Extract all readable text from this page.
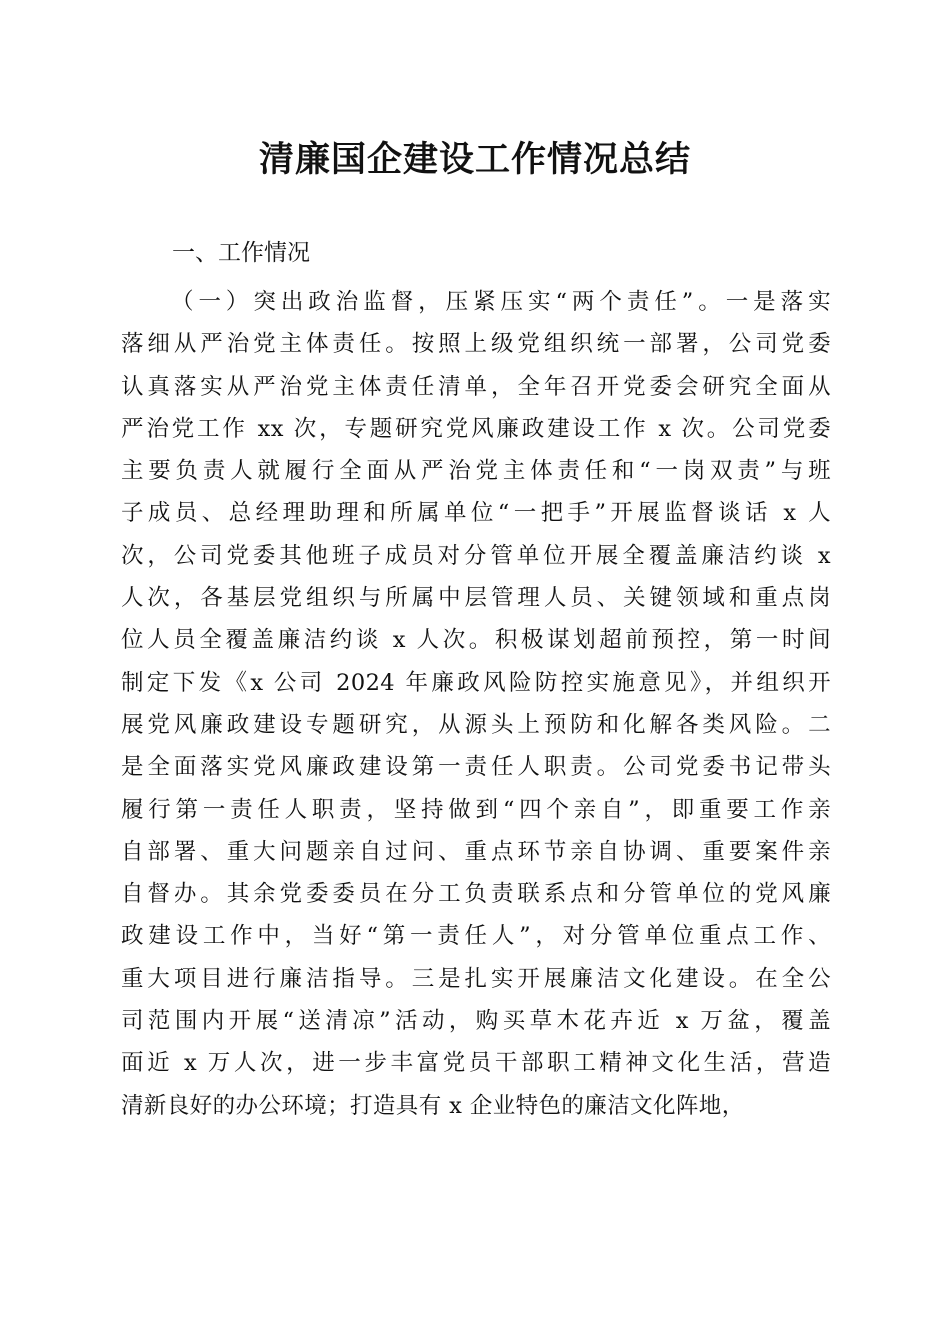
清廉国企建设工作情况总结
一、工作情况
（一）突出政治监督，压紧压实“两个责任”。一是落实
落细从严治党主体责任。按照上级党组织统一部署，公司党委
认真落实从严治党主体责任清单，全年召开党委会研究全面从
严治党工作 xx 次，专题研究党风廉政建设工作 x 次。公司党委
主要负责人就履行全面从严治党主体责任和“一岗双责”与班
子成员、总经理助理和所属单位“一把手”开展监督谈话 x 人
次，公司党委其他班子成员对分管单位开展全覆盖廉洁约谈 x
人次，各基层党组织与所属中层管理人员、关键领域和重点岗
位人员全覆盖廉洁约谈 x 人次。积极谋划超前预控，第一时间
制定下发《x 公司 2024 年廉政风险防控实施意见》，并组织开
展党风廉政建设专题研究，从源头上预防和化解各类风险。二
是全面落实党风廉政建设第一责任人职责。公司党委书记带头
履行第一责任人职责，坚持做到“四个亲自”，即重要工作亲
自部署、重大问题亲自过问、重点环节亲自协调、重要案件亲
自督办。其余党委委员在分工负责联系点和分管单位的党风廉
政建设工作中，当好“第一责任人”，对分管单位重点工作、
重大项目进行廉洁指导。三是扎实开展廉洁文化建设。在全公
司范围内开展“送清凉”活动，购买草木花卉近 x 万盆，覆盖
面近 x 万人次，进一步丰富党员干部职工精神文化生活，营造
清新良好的办公环境；打造具有 x 企业特色的廉洁文化阵地，
